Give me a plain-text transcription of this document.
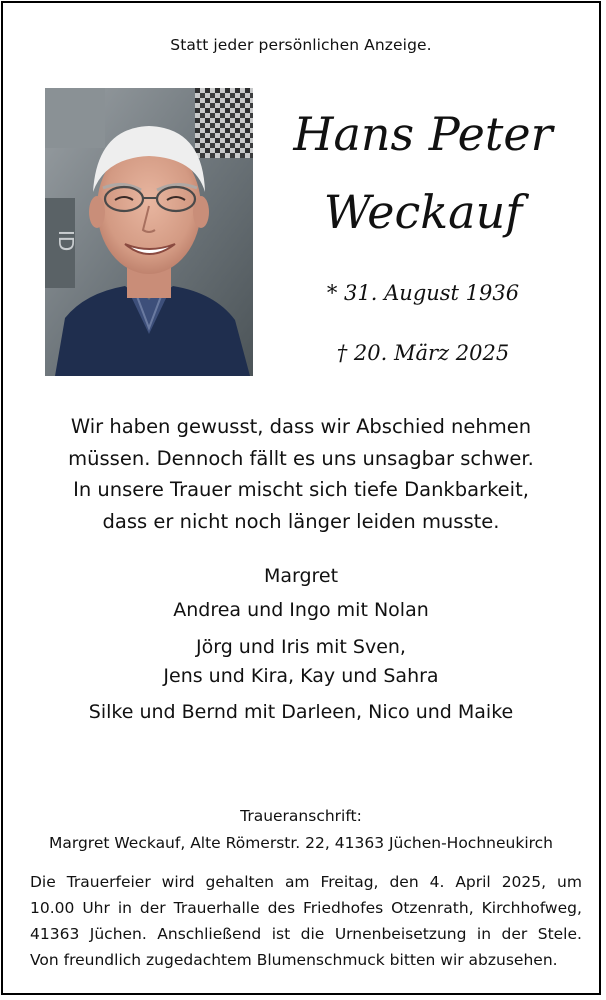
Statt jeder persönlichen Anzeige.
ID
Hans Peter
Weckauf
* 31. August 1936
† 20. März 2025
Wir haben gewusst, dass wir Abschied nehmen
müssen. Dennoch fällt es uns unsagbar schwer.
In unsere Trauer mischt sich tiefe Dankbarkeit,
dass er nicht noch länger leiden musste.
Margret
Andrea und Ingo mit Nolan
Jörg und Iris mit Sven,
Jens und Kira, Kay und Sahra
Silke und Bernd mit Darleen, Nico und Maike
Traueranschrift:
Margret Weckauf, Alte Römerstr. 22, 41363 Jüchen-Hochneukirch
Die Trauerfeier wird gehalten am Freitag, den 4. April 2025, um
10.00 Uhr in der Trauerhalle des Friedhofes Otzenrath, Kirchhofweg,
41363 Jüchen. Anschließend ist die Urnenbeisetzung in der Stele.
Von freundlich zugedachtem Blumenschmuck bitten wir abzusehen.
